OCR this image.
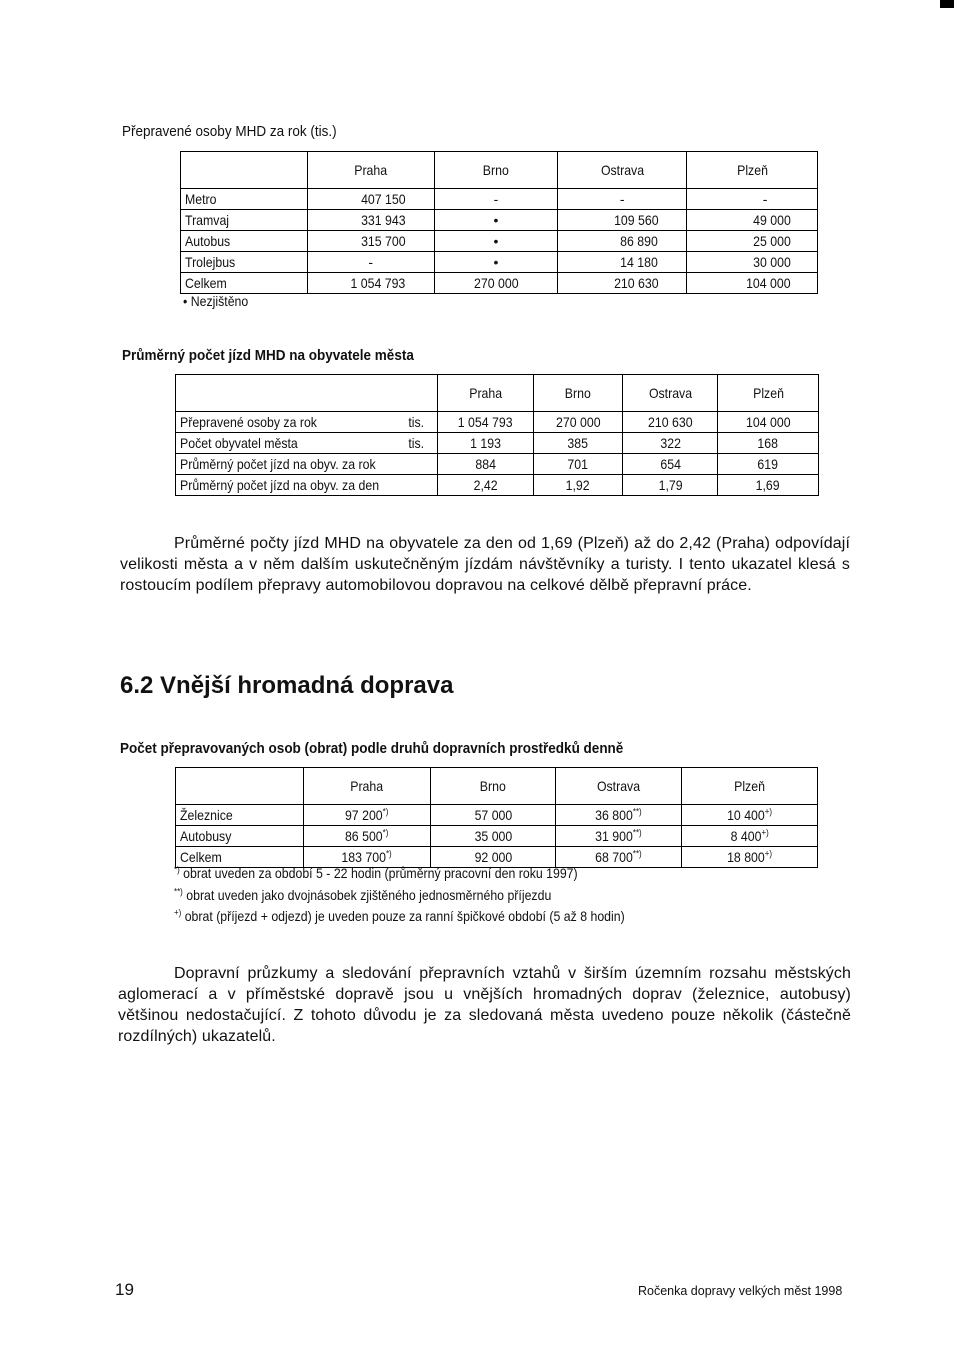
Přepravené osoby MHD za rok (tis.)
	Praha	Brno	Ostrava	Plzeň
Metro	407 150	-	-	-
Tramvaj	331 943	•	109 560	49 000
Autobus	315 700	•	86 890	25 000
Trolejbus	-	•	14 180	30 000
Celkem	1 054 793	270 000	210 630	104 000
• Nezjištěno
Průměrný počet jízd MHD na obyvatele města
	Praha	Brno	Ostrava	Plzeň

Přepravené osoby za rok tis.	1 054 793	270 000	210 630	104 000

Počet obyvatel města tis.	1 193	385	322	168
Průměrný počet jízd na obyv. za rok	884	701	654	619
Průměrný počet jízd na obyv. za den	2,42	1,92	1,79	1,69
Průměrné počty jízd MHD na obyvatele za den od 1,69 (Plzeň) až do 2,42 (Praha) odpovídají velikosti města a v něm dalším uskutečněným jízdám návštěvníky a turisty. I tento ukazatel klesá s rostoucím podílem přepravy automobilovou dopravou na celkové dělbě přepravní práce.
6.2 Vnější hromadná doprava
Počet přepravovaných osob (obrat) podle druhů dopravních prostředků denně
	Praha	Brno	Ostrava	Plzeň
Železnice	97 200*)	57 000	36 800**)	10 400+)
Autobusy	86 500*)	35 000	31 900**)	8 400+)
Celkem	183 700*)	92 000	68 700**)	18 800+)
*) obrat uveden za období 5 - 22 hodin (průměrný pracovní den roku 1997)
**) obrat uveden jako dvojnásobek zjištěného jednosměrného příjezdu
+) obrat (příjezd + odjezd) je uveden pouze za ranní špičkové období (5 až 8 hodin)
Dopravní průzkumy a sledování přepravních vztahů v širším územním rozsahu městských aglomerací a v příměstské dopravě jsou u vnějších hromadných doprav (železnice, autobusy) většinou nedostačující. Z tohoto důvodu je za sledovaná města uvedeno pouze několik (částečně rozdílných) ukazatelů.
19	Ročenka dopravy velkých měst 1998
